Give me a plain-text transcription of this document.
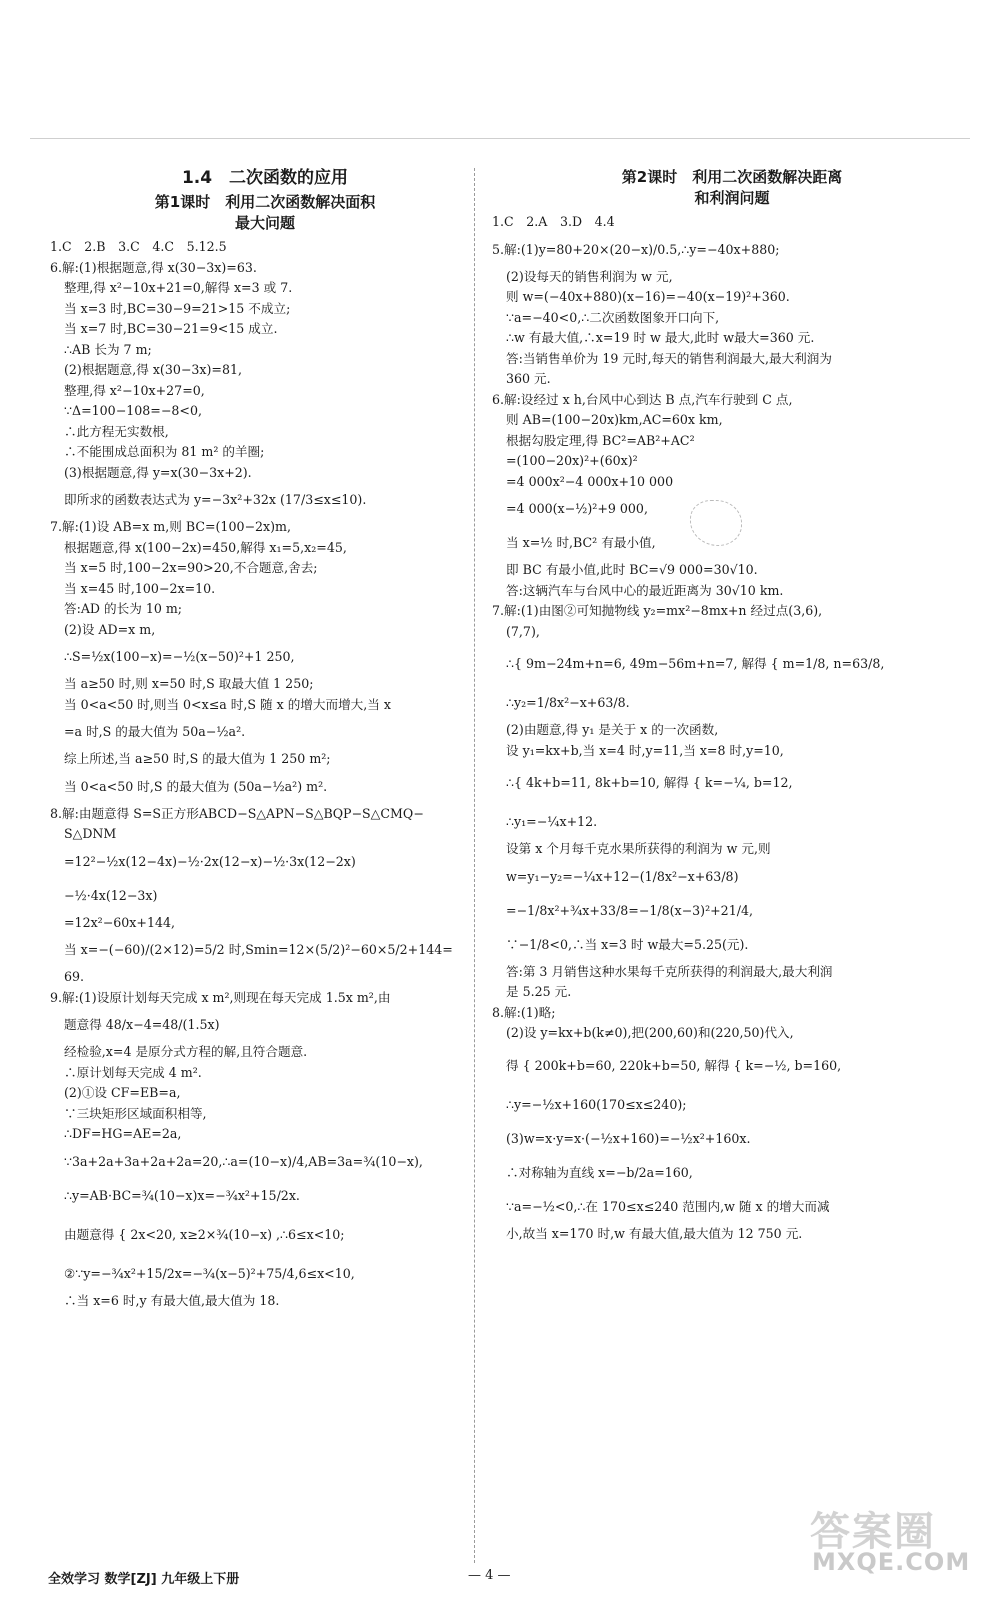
1.4　二次函数的应用
第1课时　利用二次函数解决面积
最大问题
1.C　2.B　3.C　4.C　5.12.5
6.解:(1)根据题意,得 x(30−3x)=63.
整理,得 x²−10x+21=0,解得 x=3 或 7.
当 x=3 时,BC=30−9=21>15 不成立;
当 x=7 时,BC=30−21=9<15 成立.
∴AB 长为 7 m;
(2)根据题意,得 x(30−3x)=81,
整理,得 x²−10x+27=0,
∵Δ=100−108=−8<0,
∴此方程无实数根,
∴不能围成总面积为 81 m² 的羊圈;
(3)根据题意,得 y=x(30−3x+2).
即所求的函数表达式为 y=−3x²+32x (17/3≤x≤10).
7.解:(1)设 AB=x m,则 BC=(100−2x)m,
根据题意,得 x(100−2x)=450,解得 x₁=5,x₂=45,
当 x=5 时,100−2x=90>20,不合题意,舍去;
当 x=45 时,100−2x=10.
答:AD 的长为 10 m;
(2)设 AD=x m,
∴S=½x(100−x)=−½(x−50)²+1 250,
当 a≥50 时,则 x=50 时,S 取最大值 1 250;
当 0<a<50 时,则当 0<x≤a 时,S 随 x 的增大而增大,当 x
=a 时,S 的最大值为 50a−½a².
综上所述,当 a≥50 时,S 的最大值为 1 250 m²;
当 0<a<50 时,S 的最大值为 (50a−½a²) m².
8.解:由题意得 S=S正方形ABCD−S△APN−S△BQP−S△CMQ−
S△DNM
=12²−½x(12−4x)−½·2x(12−x)−½·3x(12−2x)
−½·4x(12−3x)
=12x²−60x+144,
当 x=−(−60)/(2×12)=5/2 时,Smin=12×(5/2)²−60×5/2+144=
69.
9.解:(1)设原计划每天完成 x m²,则现在每天完成 1.5x m²,由
题意得 48/x−4=48/(1.5x)
经检验,x=4 是原分式方程的解,且符合题意.
∴原计划每天完成 4 m².
(2)①设 CF=EB=a,
∵三块矩形区域面积相等,
∴DF=HG=AE=2a,
∵3a+2a+3a+2a+2a=20,∴a=(10−x)/4,AB=3a=¾(10−x),
∴y=AB·BC=¾(10−x)x=−¾x²+15/2x.
由题意得 { 2x<20, x≥2×¾(10−x) ,∴6≤x<10;
②∵y=−¾x²+15/2x=−¾(x−5)²+75/4,6≤x<10,
∴当 x=6 时,y 有最大值,最大值为 18.
第2课时　利用二次函数解决距离
和利润问题
1.C　2.A　3.D　4.4
5.解:(1)y=80+20×(20−x)/0.5,∴y=−40x+880;
(2)设每天的销售利润为 w 元,
则 w=(−40x+880)(x−16)=−40(x−19)²+360.
∵a=−40<0,∴二次函数图象开口向下,
∴w 有最大值,∴x=19 时 w 最大,此时 w最大=360 元.
答:当销售单价为 19 元时,每天的销售利润最大,最大利润为
360 元.
6.解:设经过 x h,台风中心到达 B 点,汽车行驶到 C 点,
则 AB=(100−20x)km,AC=60x km,
根据勾股定理,得 BC²=AB²+AC²
=(100−20x)²+(60x)²
=4 000x²−4 000x+10 000
=4 000(x−½)²+9 000,
当 x=½ 时,BC² 有最小值,
即 BC 有最小值,此时 BC=√9 000=30√10.
答:这辆汽车与台风中心的最近距离为 30√10 km.
7.解:(1)由图②可知抛物线 y₂=mx²−8mx+n 经过点(3,6),
(7,7),
∴{ 9m−24m+n=6, 49m−56m+n=7, 解得 { m=1/8, n=63/8,
∴y₂=1/8x²−x+63/8.
(2)由题意,得 y₁ 是关于 x 的一次函数,
设 y₁=kx+b,当 x=4 时,y=11,当 x=8 时,y=10,
∴{ 4k+b=11, 8k+b=10, 解得 { k=−¼, b=12,
∴y₁=−¼x+12.
设第 x 个月每千克水果所获得的利润为 w 元,则
w=y₁−y₂=−¼x+12−(1/8x²−x+63/8)
=−1/8x²+¾x+33/8=−1/8(x−3)²+21/4,
∵−1/8<0,∴当 x=3 时 w最大=5.25(元).
答:第 3 月销售这种水果每千克所获得的利润最大,最大利润
是 5.25 元.
8.解:(1)略;
(2)设 y=kx+b(k≠0),把(200,60)和(220,50)代入,
得 { 200k+b=60, 220k+b=50, 解得 { k=−½, b=160,
∴y=−½x+160(170≤x≤240);
(3)w=x·y=x·(−½x+160)=−½x²+160x.
∴对称轴为直线 x=−b/2a=160,
∵a=−½<0,∴在 170≤x≤240 范围内,w 随 x 的增大而减
小,故当 x=170 时,w 有最大值,最大值为 12 750 元.
全效学习 数学[ZJ] 九年级上下册	— 4 —
答案圈
MXQE.COM
